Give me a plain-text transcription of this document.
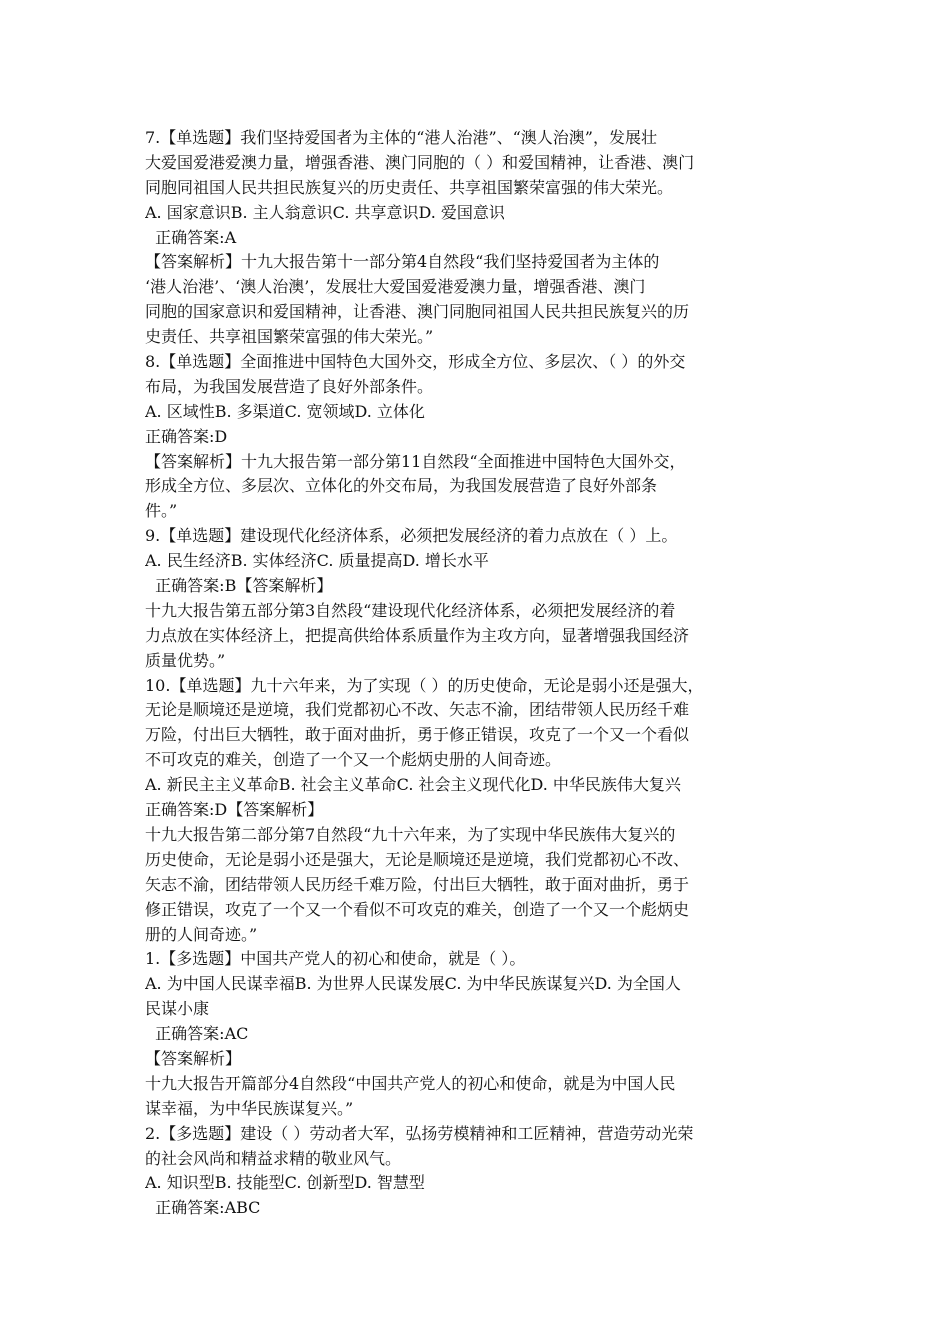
7.【单选题】我们坚持爱国者为主体的“港人治港”、“澳人治澳”，发展壮
大爱国爱港爱澳力量，增强香港、澳门同胞的（ ）和爱国精神，让香港、澳门
同胞同祖国人民共担民族复兴的历史责任、共享祖国繁荣富强的伟大荣光。
A. 国家意识B. 主人翁意识C. 共享意识D. 爱国意识
正确答案:A
【答案解析】十九大报告第十一部分第4自然段“我们坚持爱国者为主体的
‘港人治港’、‘澳人治澳’，发展壮大爱国爱港爱澳力量，增强香港、澳门
同胞的国家意识和爱国精神，让香港、澳门同胞同祖国人民共担民族复兴的历
史责任、共享祖国繁荣富强的伟大荣光。”
8.【单选题】全面推进中国特色大国外交，形成全方位、多层次、（ ）的外交
布局，为我国发展营造了良好外部条件。
A. 区域性B. 多渠道C. 宽领域D. 立体化
正确答案:D
【答案解析】十九大报告第一部分第11自然段“全面推进中国特色大国外交，
形成全方位、多层次、立体化的外交布局，为我国发展营造了良好外部条
件。”
9.【单选题】建设现代化经济体系，必须把发展经济的着力点放在（ ）上。
A. 民生经济B. 实体经济C. 质量提高D. 增长水平
正确答案:B【答案解析】
十九大报告第五部分第3自然段“建设现代化经济体系，必须把发展经济的着
力点放在实体经济上，把提高供给体系质量作为主攻方向，显著增强我国经济
质量优势。”
10.【单选题】九十六年来，为了实现（ ）的历史使命，无论是弱小还是强大，
无论是顺境还是逆境，我们党都初心不改、矢志不渝，团结带领人民历经千难
万险，付出巨大牺牲，敢于面对曲折，勇于修正错误，攻克了一个又一个看似
不可攻克的难关，创造了一个又一个彪炳史册的人间奇迹。
A. 新民主主义革命B. 社会主义革命C. 社会主义现代化D. 中华民族伟大复兴
正确答案:D【答案解析】
十九大报告第二部分第7自然段“九十六年来，为了实现中华民族伟大复兴的
历史使命，无论是弱小还是强大，无论是顺境还是逆境，我们党都初心不改、
矢志不渝，团结带领人民历经千难万险，付出巨大牺牲，敢于面对曲折，勇于
修正错误，攻克了一个又一个看似不可攻克的难关，创造了一个又一个彪炳史
册的人间奇迹。”
1.【多选题】中国共产党人的初心和使命，就是（ ）。
A. 为中国人民谋幸福B. 为世界人民谋发展C. 为中华民族谋复兴D. 为全国人
民谋小康
正确答案:AC
【答案解析】
十九大报告开篇部分4自然段“中国共产党人的初心和使命，就是为中国人民
谋幸福，为中华民族谋复兴。”
2.【多选题】建设（ ）劳动者大军，弘扬劳模精神和工匠精神，营造劳动光荣
的社会风尚和精益求精的敬业风气。
A. 知识型B. 技能型C. 创新型D. 智慧型
正确答案:ABC
